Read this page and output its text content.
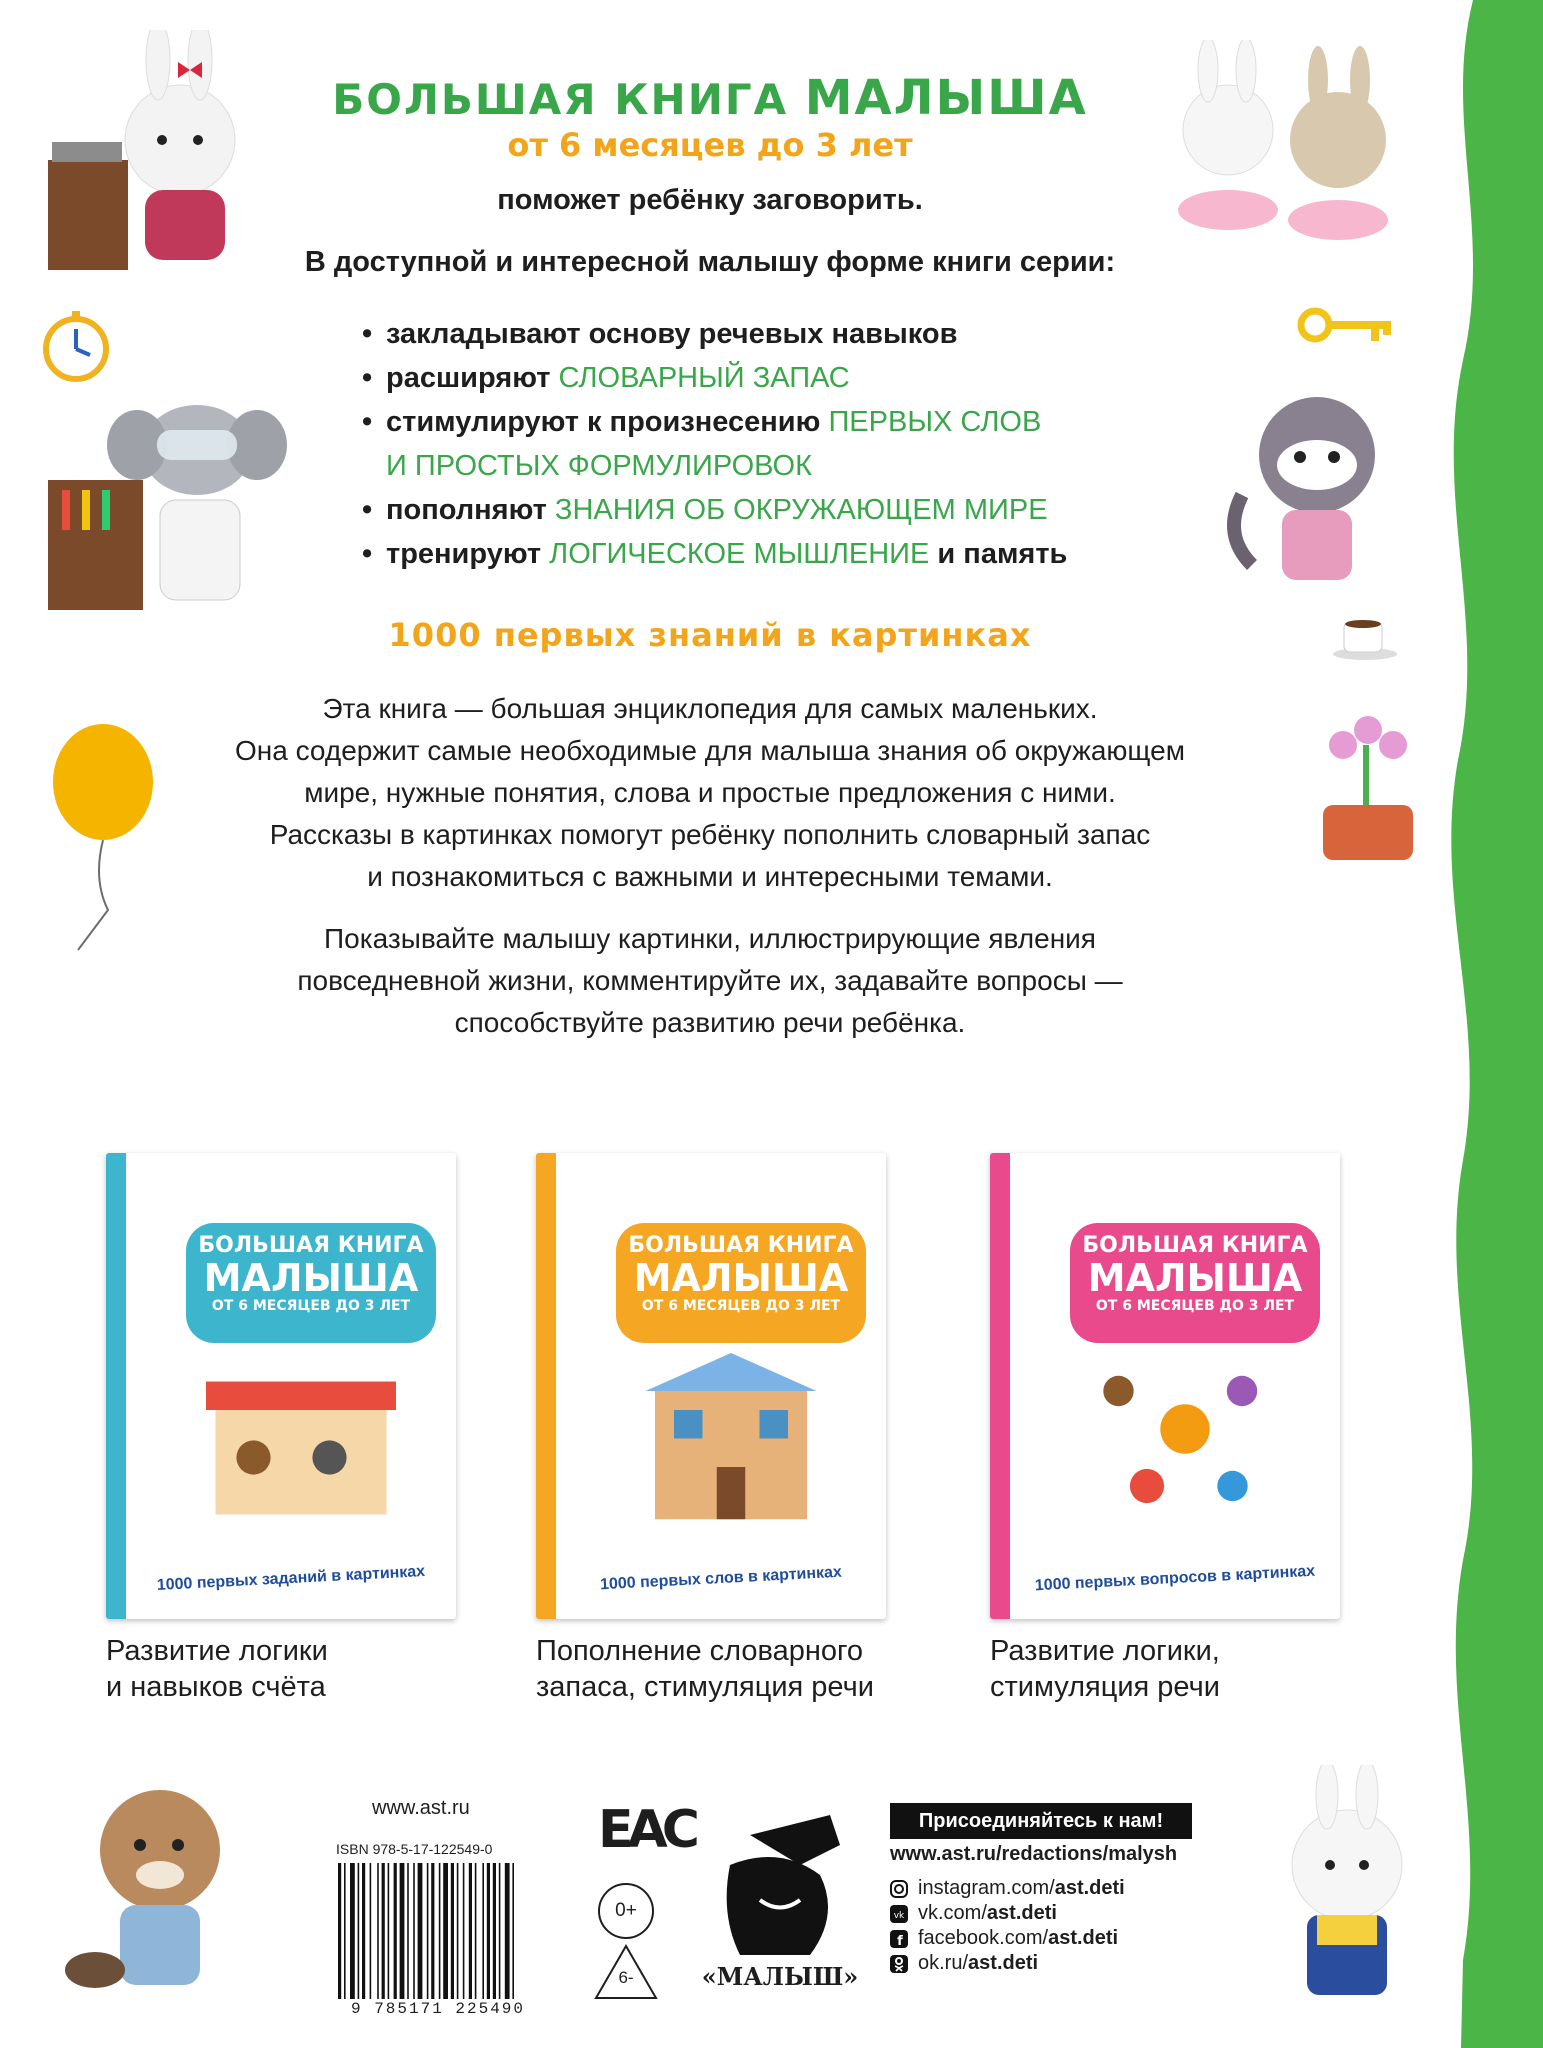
БОЛЬШАЯ КНИГА МАЛЫША
от 6 месяцев до 3 лет
поможет ребёнку заговорить.
В доступной и интересной малышу форме книги серии:
• закладывают основу речевых навыков
• расширяют СЛОВАРНЫЙ ЗАПАС
• стимулируют к произнесению ПЕРВЫХ СЛОВ
И ПРОСТЫХ ФОРМУЛИРОВОК
• пополняют ЗНАНИЯ ОБ ОКРУЖАЮЩЕМ МИРЕ
• тренируют ЛОГИЧЕСКОЕ МЫШЛЕНИЕ и память
1000 первых знаний в картинках
Эта книга — большая энциклопедия для самых маленьких.
Она содержит самые необходимые для малыша знания об окружающем
мире, нужные понятия, слова и простые предложения с ними.
Рассказы в картинках помогут ребёнку пополнить словарный запас
и познакомиться с важными и интересными темами.
Показывайте малышу картинки, иллюстрирующие явления
повседневной жизни, комментируйте их, задавайте вопросы —
способствуйте развитию речи ребёнка.
БОЛЬШАЯ КНИГА
МАЛЫША
ОТ 6 МЕСЯЦЕВ ДО 3 ЛЕТ
1000 первых заданий в картинках
БОЛЬШАЯ КНИГА
МАЛЫША
ОТ 6 МЕСЯЦЕВ ДО 3 ЛЕТ
1000 первых слов в картинках
БОЛЬШАЯ КНИГА
МАЛЫША
ОТ 6 МЕСЯЦЕВ ДО 3 ЛЕТ
1000 первых вопросов в картинках
Развитие логики
и навыков счёта
Пополнение словарного
запаса, стимуляция речи
Развитие логики,
стимуляция речи
www.ast.ru
ISBN 978-5-17-122549-0
9 785171 225490
EAC
0+
6-	«МАЛЫШ»
Присоединяйтесь к нам!
www.ast.ru/redactions/malysh
instagram.com/ ast.deti
vk vk.com/ ast.deti
f facebook.com/ ast.deti
ok.ru/ ast.deti
